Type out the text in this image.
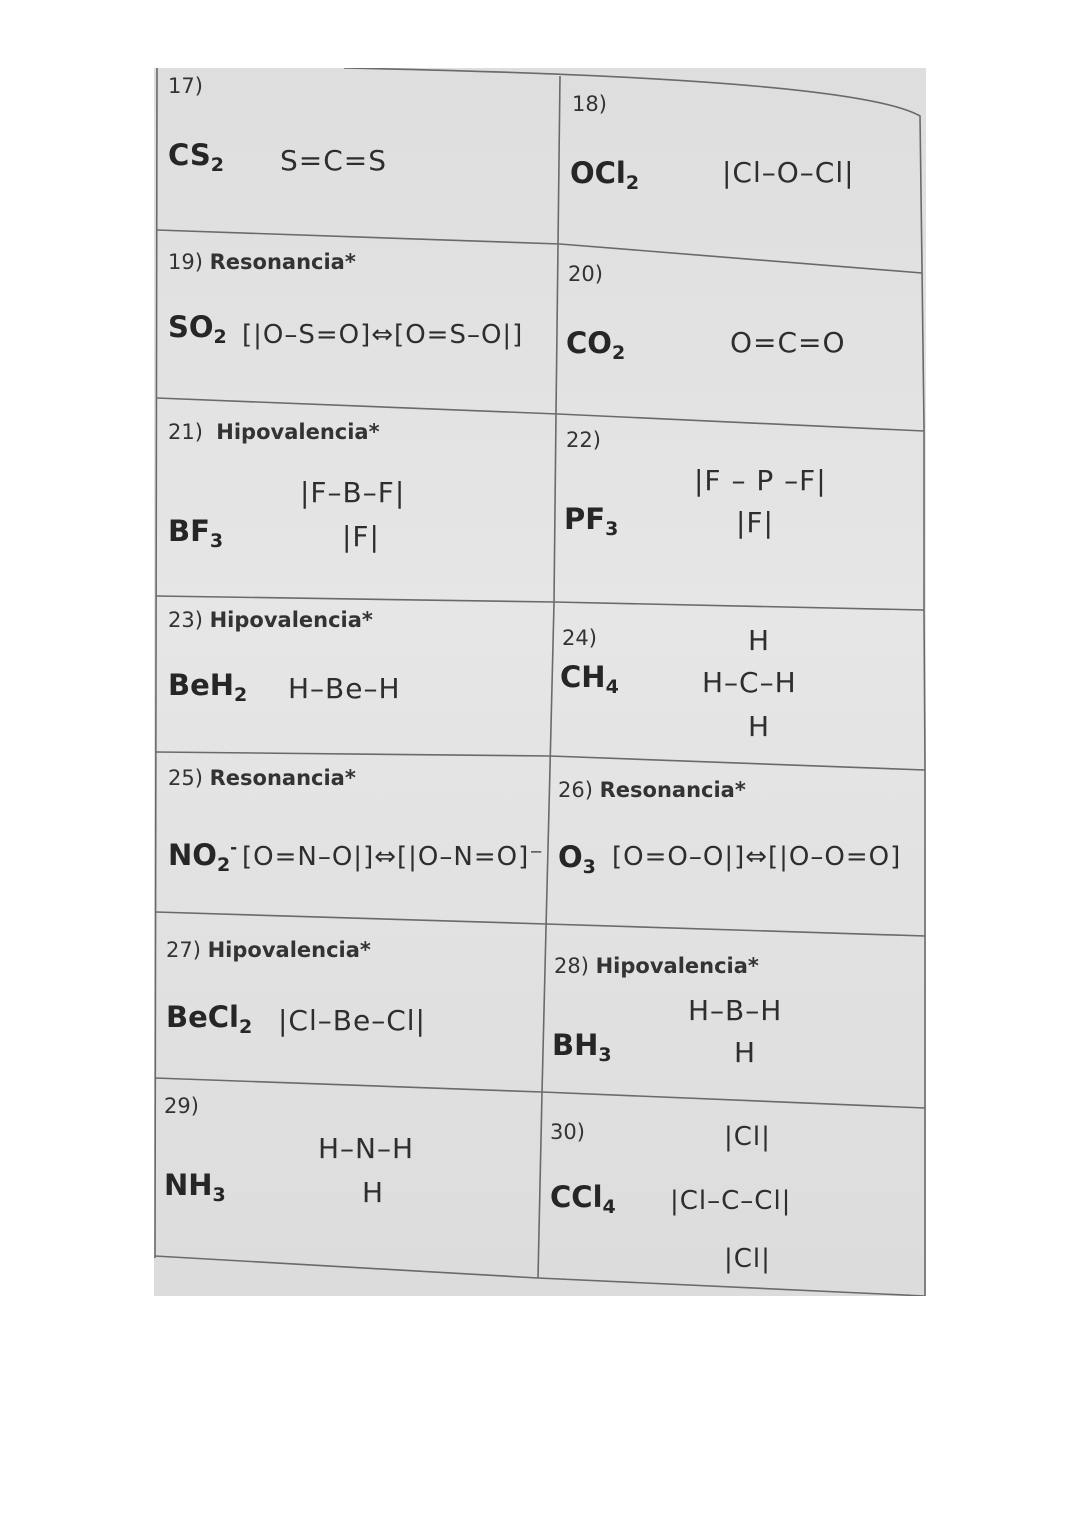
17)
$CS_2$ S=C=S
18)
OCl$_2$	|Cl–O–Cl|
19) Resonancia*
$SO_2$ [|O–S=O]⇔[O=S–O|]
20)
$CO_2$	O=C=O
21) Hipovalencia*
$BF_3$
|F–B–F|
|F|
22)
$PF_3$
|F – P –F|
|F|
23) Hipovalencia*
BeH$_2$ H–Be–H
24)
$CH_4$
H
H–C–H
H
25) Resonancia*
$NO_2^-$ [O=N–O|]⇔[|O–N=O]⁻
26) Resonancia*
$O_3$ [O=O–O|]⇔[|O–O=O]
27) Hipovalencia*
BeCl$_2$ |Cl–Be–Cl|
28) Hipovalencia*
$BH_3$
H–B–H
H
29)
$NH_3$
H–N–H
H
30)
CCl$_4$
|Cl|
|Cl–C–Cl|
|Cl|
